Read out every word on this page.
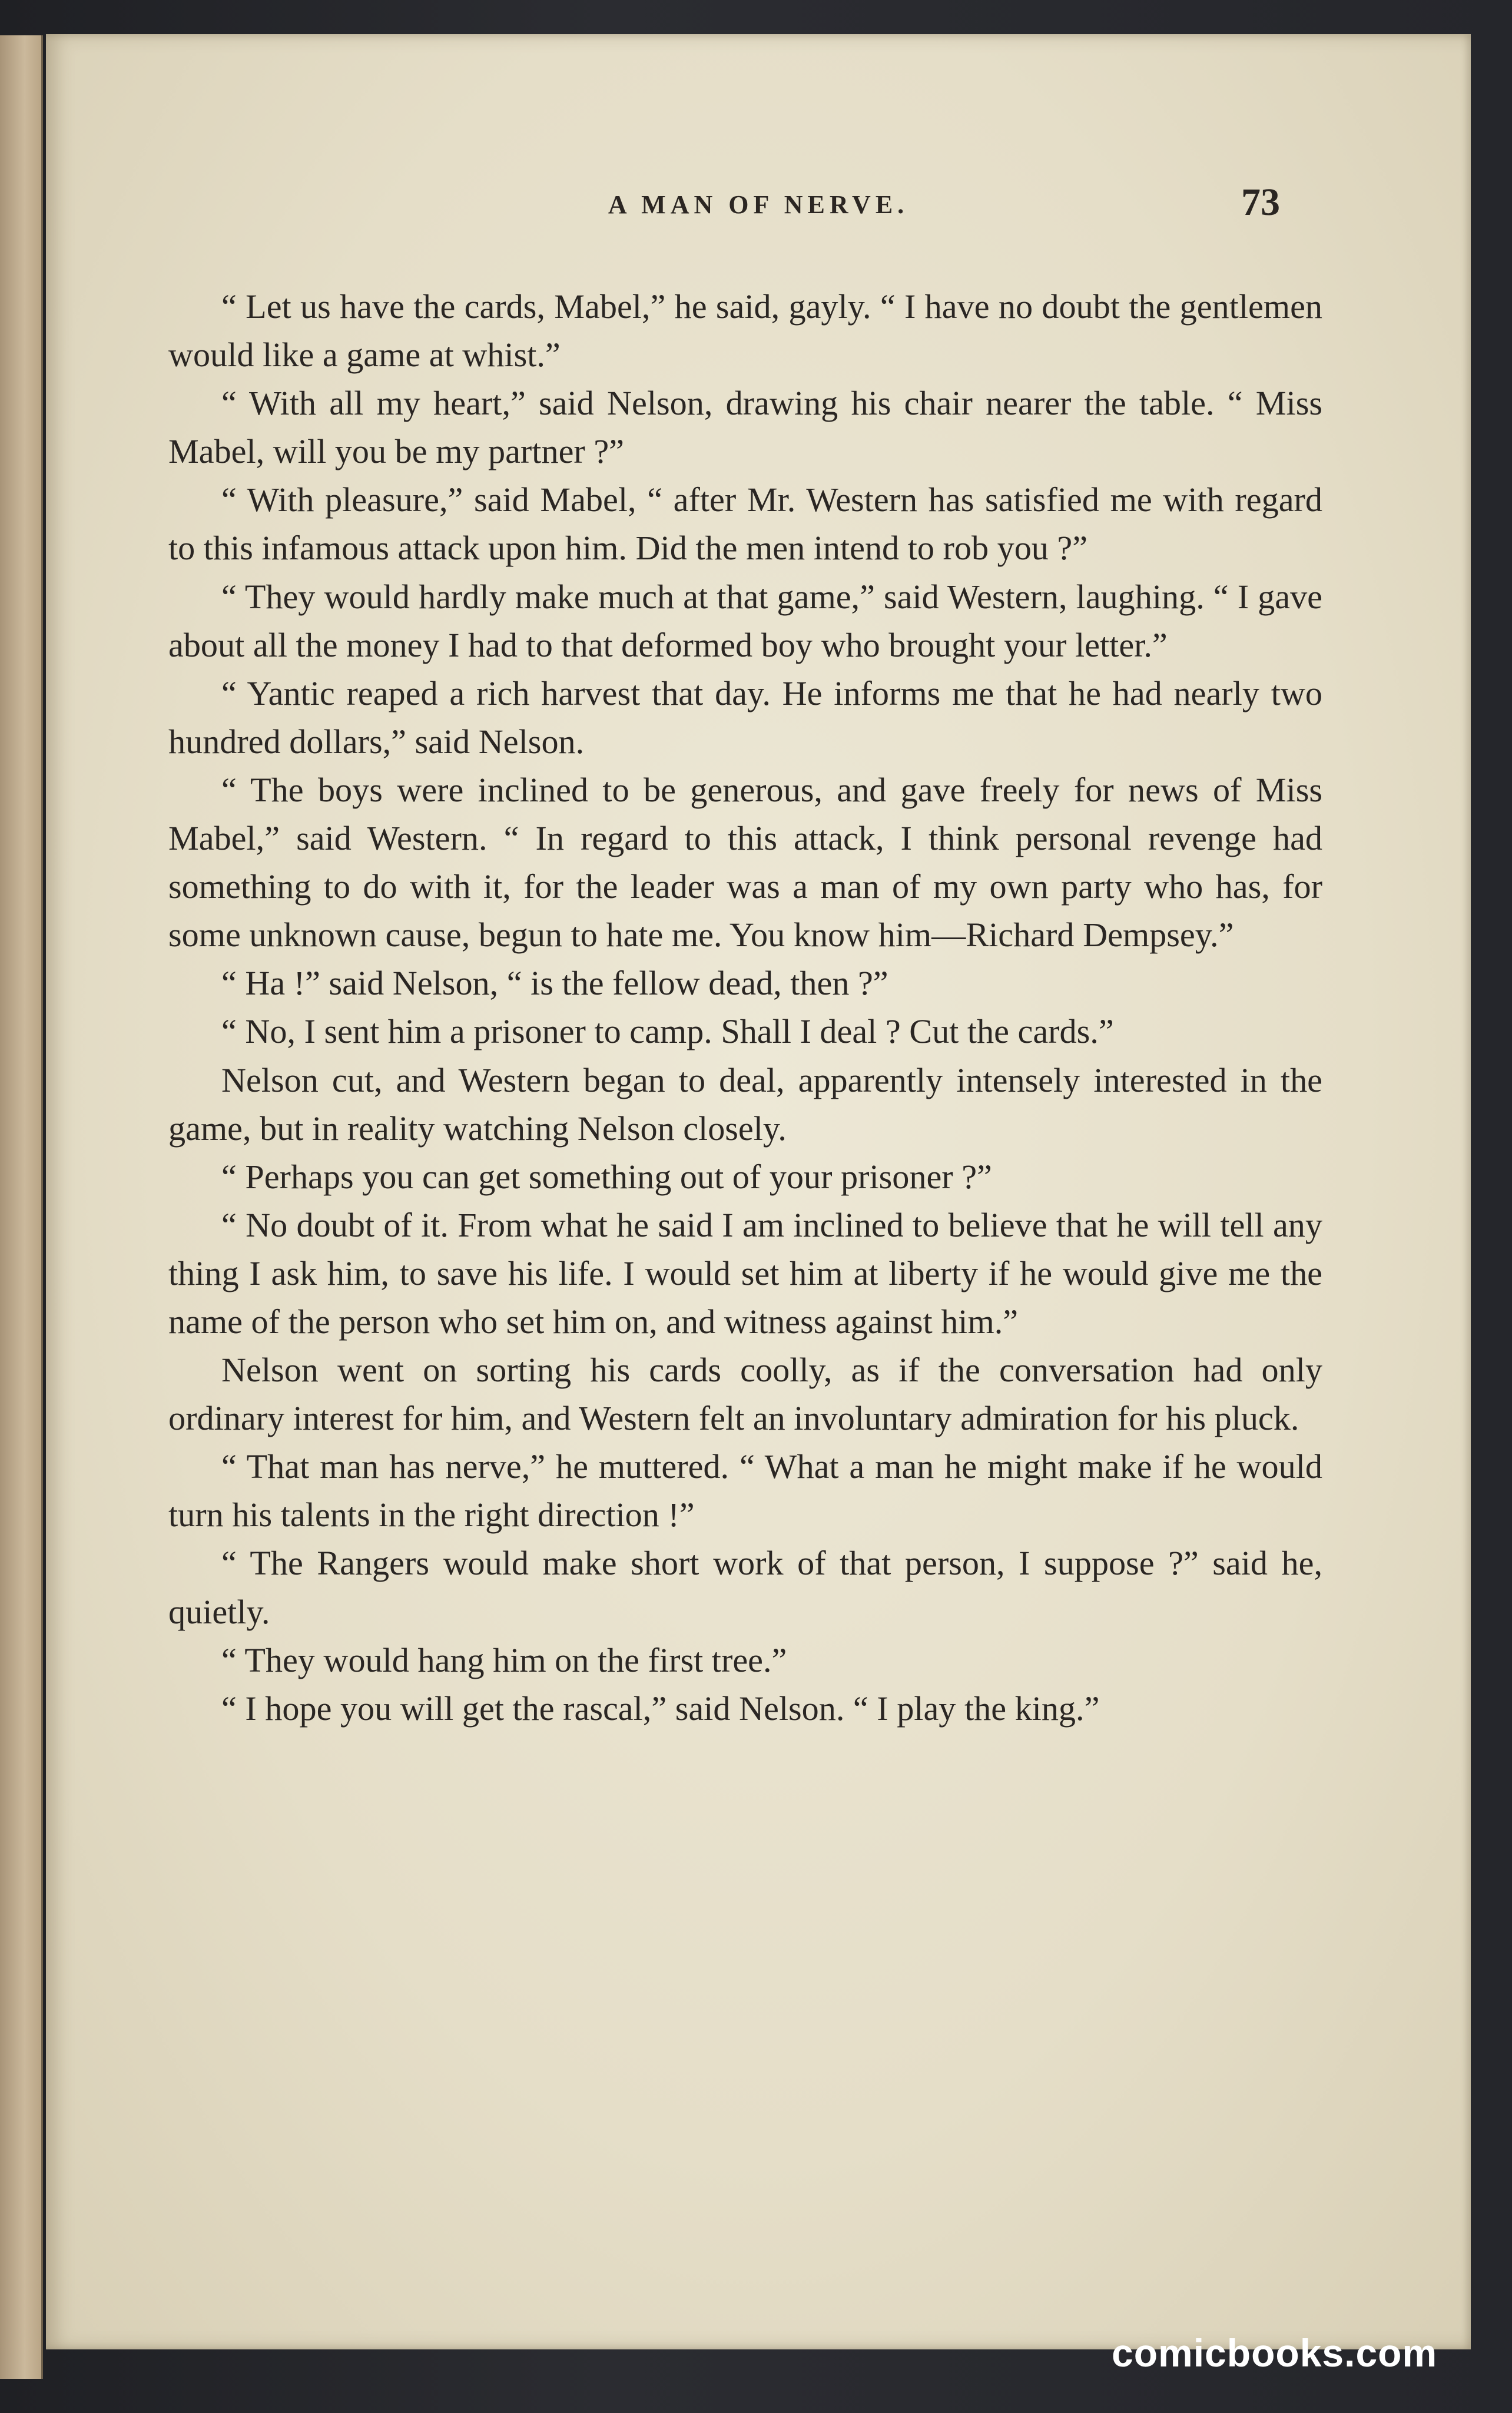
A MAN OF NERVE.	73

“ Let us have the cards, Mabel,” he said, gayly. “ I have no doubt the gentlemen would like a game at whist.”

“ With all my heart,” said Nelson, drawing his chair nearer the table. “ Miss Mabel, will you be my partner ?”

“ With pleasure,” said Mabel, “ after Mr. Western has satisfied me with regard to this infamous attack upon him. Did the men intend to rob you ?”

“ They would hardly make much at that game,” said Western, laughing. “ I gave about all the money I had to that deformed boy who brought your letter.”

“ Yantic reaped a rich harvest that day. He informs me that he had nearly two hundred dollars,” said Nelson.

“ The boys were inclined to be generous, and gave freely for news of Miss Mabel,” said Western. “ In regard to this attack, I think personal revenge had something to do with it, for the leader was a man of my own party who has, for some unknown cause, begun to hate me. You know him—Richard Dempsey.”

“ Ha !” said Nelson, “ is the fellow dead, then ?”

“ No, I sent him a prisoner to camp. Shall I deal ? Cut the cards.”

Nelson cut, and Western began to deal, apparently intensely interested in the game, but in reality watching Nelson closely.

“ Perhaps you can get something out of your prisoner ?”

“ No doubt of it. From what he said I am inclined to believe that he will tell any thing I ask him, to save his life. I would set him at liberty if he would give me the name of the person who set him on, and witness against him.”

Nelson went on sorting his cards coolly, as if the conversation had only ordinary interest for him, and Western felt an involuntary admiration for his pluck.

“ That man has nerve,” he muttered. “ What a man he might make if he would turn his talents in the right direction !”

“ The Rangers would make short work of that person, I suppose ?” said he, quietly.

“ They would hang him on the first tree.”

“ I hope you will get the rascal,” said Nelson. “ I play the king.”

comicbooks.com
